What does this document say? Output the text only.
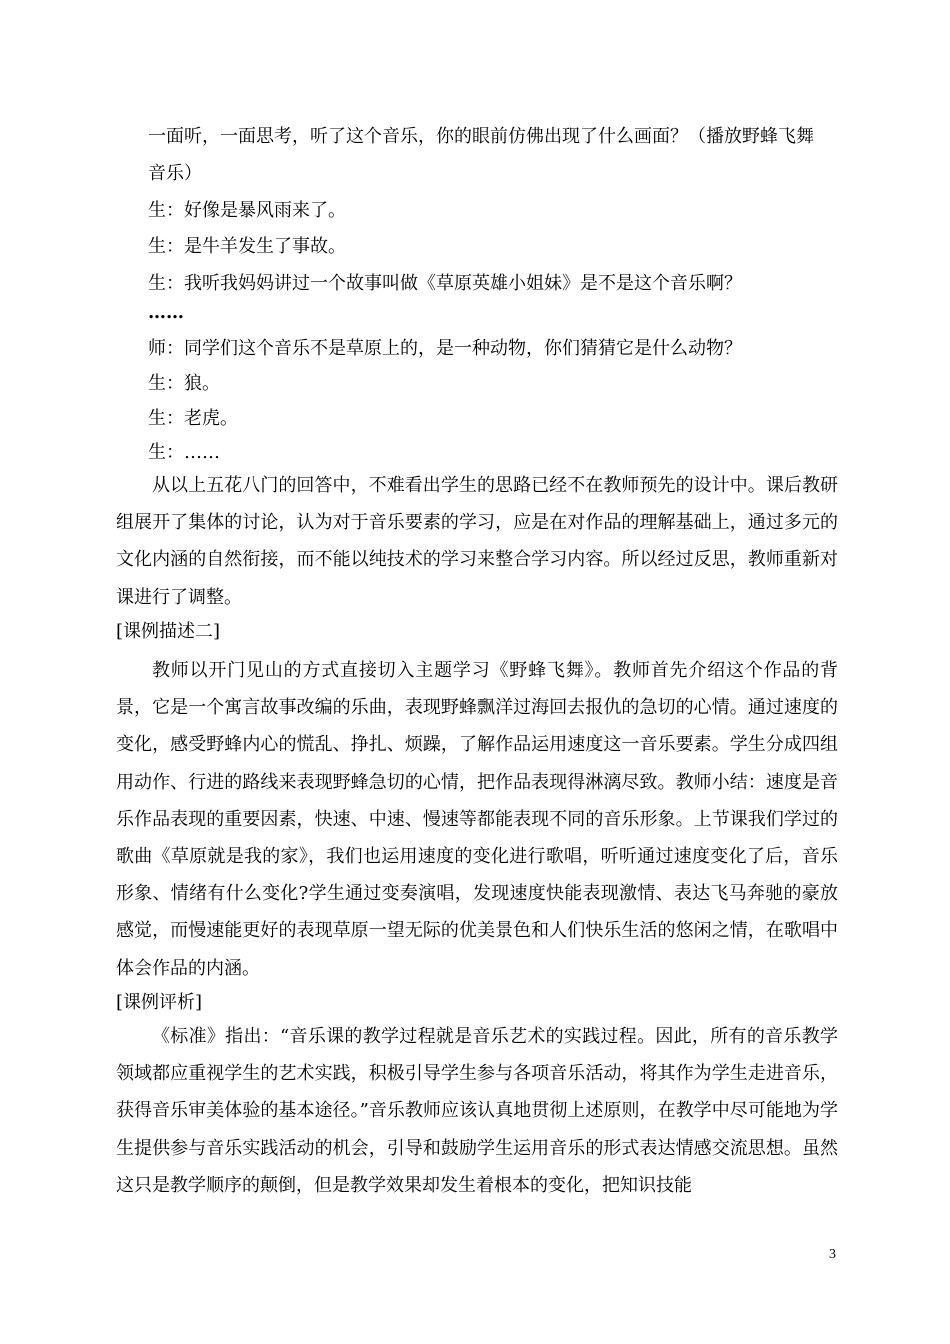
一面听，一面思考，听了这个音乐，你的眼前仿佛出现了什么画面？（播放野蜂飞舞
音乐）
生：好像是暴风雨来了。
生：是牛羊发生了事故。
生：我听我妈妈讲过一个故事叫做《草原英雄小姐妹》是不是这个音乐啊？
……
师：同学们这个音乐不是草原上的，是一种动物，你们猜猜它是什么动物？
生：狼。
生：老虎。
生：……

从以上五花八门的回答中，不难看出学生的思路已经不在教师预先的设计中。课后教研组展开了集体的讨论，认为对于音乐要素的学习，应是在对作品的理解基础上，通过多元的文化内涵的自然衔接，而不能以纯技术的学习来整合学习内容。所以经过反思，教师重新对课进行了调整。

[课例描述二]

教师以开门见山的方式直接切入主题学习《野蜂飞舞》。教师首先介绍这个作品的背景，它是一个寓言故事改编的乐曲，表现野蜂飘洋过海回去报仇的急切的心情。通过速度的变化，感受野蜂内心的慌乱、挣扎、烦躁，了解作品运用速度这一音乐要素。学生分成四组用动作、行进的路线来表现野蜂急切的心情，把作品表现得淋漓尽致。教师小结：速度是音乐作品表现的重要因素，快速、中速、慢速等都能表现不同的音乐形象。上节课我们学过的歌曲《草原就是我的家》，我们也运用速度的变化进行歌唱，听听通过速度变化了后，音乐形象、情绪有什么变化?学生通过变奏演唱，发现速度快能表现激情、表达飞马奔驰的豪放感觉，而慢速能更好的表现草原一望无际的优美景色和人们快乐生活的悠闲之情，在歌唱中体会作品的内涵。

[课例评析]

《标准》指出：“音乐课的教学过程就是音乐艺术的实践过程。因此，所有的音乐教学领域都应重视学生的艺术实践，积极引导学生参与各项音乐活动，将其作为学生走进音乐，获得音乐审美体验的基本途径。”音乐教师应该认真地贯彻上述原则，在教学中尽可能地为学生提供参与音乐实践活动的机会，引导和鼓励学生运用音乐的形式表达情感交流思想。虽然这只是教学顺序的颠倒，但是教学效果却发生着根本的变化，把知识技能

3
